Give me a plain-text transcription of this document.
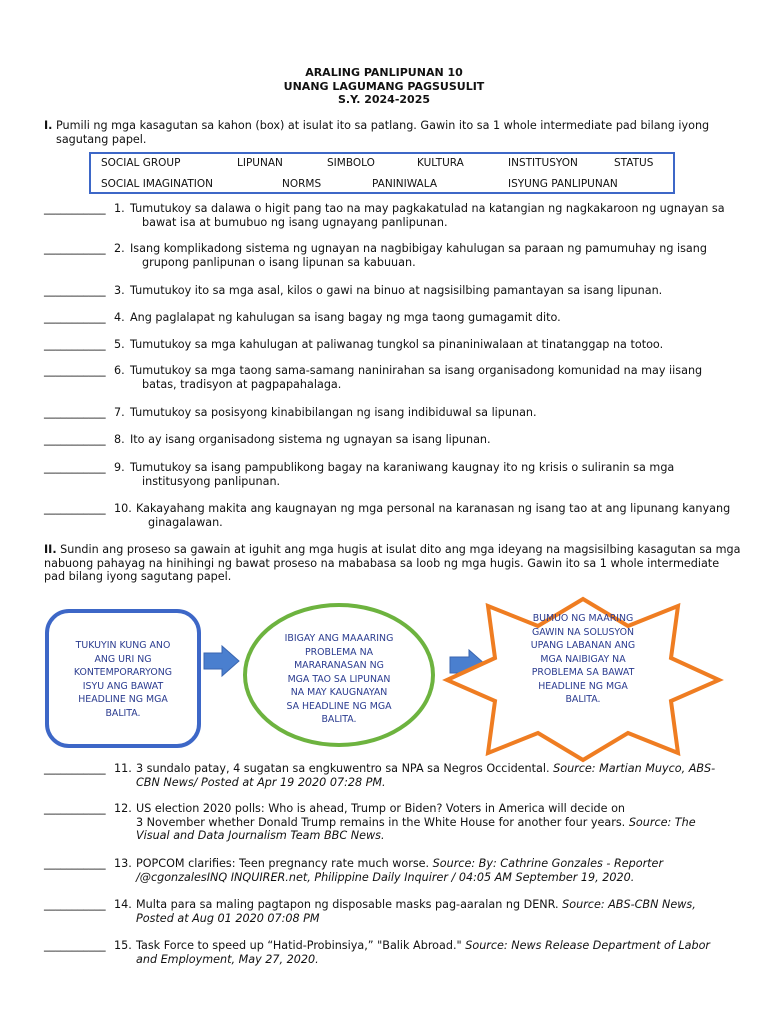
ARALING PANLIPUNAN 10
UNANG LAGUMANG PAGSUSULIT
S.Y. 2024-2025
I. Pumili ng mga kasagutan sa kahon (box) at isulat ito sa patlang. Gawin ito sa 1 whole intermediate pad bilang iyong
sagutang papel.
SOCIAL GROUP	LIPUNAN	SIMBOLO	KULTURA	INSTITUSYON	STATUS
SOCIAL IMAGINATION	NORMS	PANINIWALA	ISYUNG PANLIPUNAN
___________ 1. Tumutukoy sa dalawa o higit pang tao na may pagkakatulad na katangian ng nagkakaroon ng ugnayan sa
bawat isa at bumubuo ng isang ugnayang panlipunan.
___________ 2. Isang komplikadong sistema ng ugnayan na nagbibigay kahulugan sa paraan ng pamumuhay ng isang
grupong panlipunan o isang lipunan sa kabuuan.
___________ 3. Tumutukoy ito sa mga asal, kilos o gawi na binuo at nagsisilbing pamantayan sa isang lipunan.
___________ 4. Ang paglalapat ng kahulugan sa isang bagay ng mga taong gumagamit dito.
___________ 5. Tumutukoy sa mga kahulugan at paliwanag tungkol sa pinaniniwalaan at tinatanggap na totoo.
___________ 6. Tumutukoy sa mga taong sama-samang naninirahan sa isang organisadong komunidad na may iisang
batas, tradisyon at pagpapahalaga.
___________ 7. Tumutukoy sa posisyong kinabibilangan ng isang indibiduwal sa lipunan.
___________ 8. Ito ay isang organisadong sistema ng ugnayan sa isang lipunan.
___________ 9. Tumutukoy sa isang pampublikong bagay na karaniwang kaugnay ito ng krisis o suliranin sa mga
institusyong panlipunan.
___________ 10. Kakayahang makita ang kaugnayan ng mga personal na karanasan ng isang tao at ang lipunang kanyang
ginagalawan.
II. Sundin ang proseso sa gawain at iguhit ang mga hugis at isulat dito ang mga ideyang na magsisilbing kasagutan sa mga
nabuong pahayag na hinihingi ng bawat proseso na mababasa sa loob ng mga hugis. Gawin ito sa 1 whole intermediate
pad bilang iyong sagutang papel.
TUKUYIN KUNG ANO
ANG URI NG
KONTEMPORARYONG
ISYU ANG BAWAT
HEADLINE NG MGA
BALITA.
IBIGAY ANG MAAARING
PROBLEMA NA
MARARANASAN NG
MGA TAO SA LIPUNAN
NA MAY KAUGNAYAN
SA HEADLINE NG MGA
BALITA.
BUMUO NG MAARING
GAWIN NA SOLUSYON
UPANG LABANAN ANG
MGA NAIBIGAY NA
PROBLEMA SA BAWAT
HEADLINE NG MGA
BALITA.
___________ 11. 3 sundalo patay, 4 sugatan sa engkuwentro sa NPA sa Negros Occidental. Source: Martian Muyco, ABS-
CBN News/ Posted at Apr 19 2020 07:28 PM.
___________ 12. US election 2020 polls: Who is ahead, Trump or Biden? Voters in America will decide on
3 November whether Donald Trump remains in the White House for another four years. Source: The
Visual and Data Journalism Team BBC News.
___________ 13. POPCOM clarifies: Teen pregnancy rate much worse. Source: By: Cathrine Gonzales - Reporter
/@cgonzalesINQ INQUIRER.net, Philippine Daily Inquirer / 04:05 AM September 19, 2020.
___________ 14. Multa para sa maling pagtapon ng disposable masks pag-aaralan ng DENR. Source: ABS-CBN News,
Posted at Aug 01 2020 07:08 PM
___________ 15. Task Force to speed up “Hatid-Probinsiya,” "Balik Abroad." Source: News Release Department of Labor
and Employment, May 27, 2020.
